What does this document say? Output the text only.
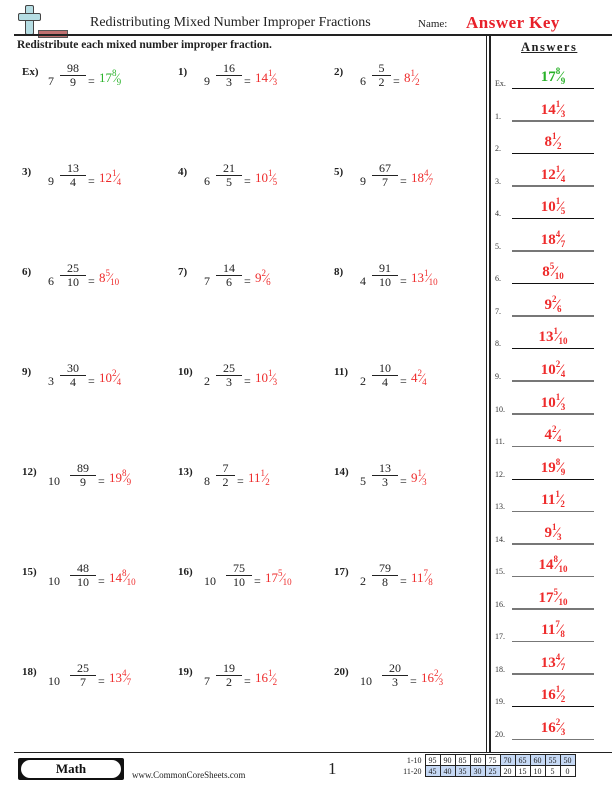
Redistributing Mixed Number Improper Fractions	Name: Answer Key
Redistribute each mixed number improper fraction.
Ex)
$7 \frac{98}{9}$ = $17^8⁄_9$
1)
$9 \frac{16}{3}$ = $14^1⁄_3$
2)
$6 \frac{5}{2}$ = $8^1⁄_2$
3)
$9 \frac{13}{4}$ = $12^1⁄_4$
4)
$6 \frac{21}{5}$ = $10^1⁄_5$
5)
$9 \frac{67}{7}$ = $18^4⁄_7$
6)
$6 \frac{25}{10}$ = $8^5⁄_{10}$
7)
$7 \frac{14}{6}$ = $9^2⁄_6$
8)
$4 \frac{91}{10}$ = $13^1⁄_{10}$
9)
$3 \frac{30}{4}$ = $10^2⁄_4$
10)
$2 \frac{25}{3}$ = $10^1⁄_3$
11)
$2 \frac{10}{4}$ = $4^2⁄_4$
12)
$10 \frac{89}{9}$ = $19^8⁄_9$
13)
$8 \frac{7}{2}$ = $11^1⁄_2$
14)
$5 \frac{13}{3}$ = $9^1⁄_3$
15)
$10 \frac{48}{10}$ = $14^8⁄_{10}$
16)
$10 \frac{75}{10}$ = $17^5⁄_{10}$
17)
$2 \frac{79}{8}$ = $11^7⁄_8$
18)
$10 \frac{25}{7}$ = $13^4⁄_7$
19)
$7 \frac{19}{2}$ = $16^1⁄_2$
20)
$10 \frac{20}{3}$ = $16^2⁄_3$
Answers
Ex.	$17^8⁄_9$
1.	$14^1⁄_3$
2.	$8^1⁄_2$
3.	$12^1⁄_4$
4.	$10^1⁄_5$
5.	$18^4⁄_7$
6.	$8^5⁄_{10}$
7.	$9^2⁄_6$
8.	$13^1⁄_{10}$
9.	$10^2⁄_4$
10.	$10^1⁄_3$
11.	$4^2⁄_4$
12.	$19^8⁄_9$
13.	$11^1⁄_2$
14.	$9^1⁄_3$
15.	$14^8⁄_{10}$
16.	$17^5⁄_{10}$
17.	$11^7⁄_8$
18.	$13^4⁄_7$
19.	$16^1⁄_2$
20.	$16^2⁄_3$
Math	www.CommonCoreSheets.com	1	1-10	95	90	85	80	75	70	65	60	55	50
11-20	45	40	35	30	25	20	15	10	5	0
